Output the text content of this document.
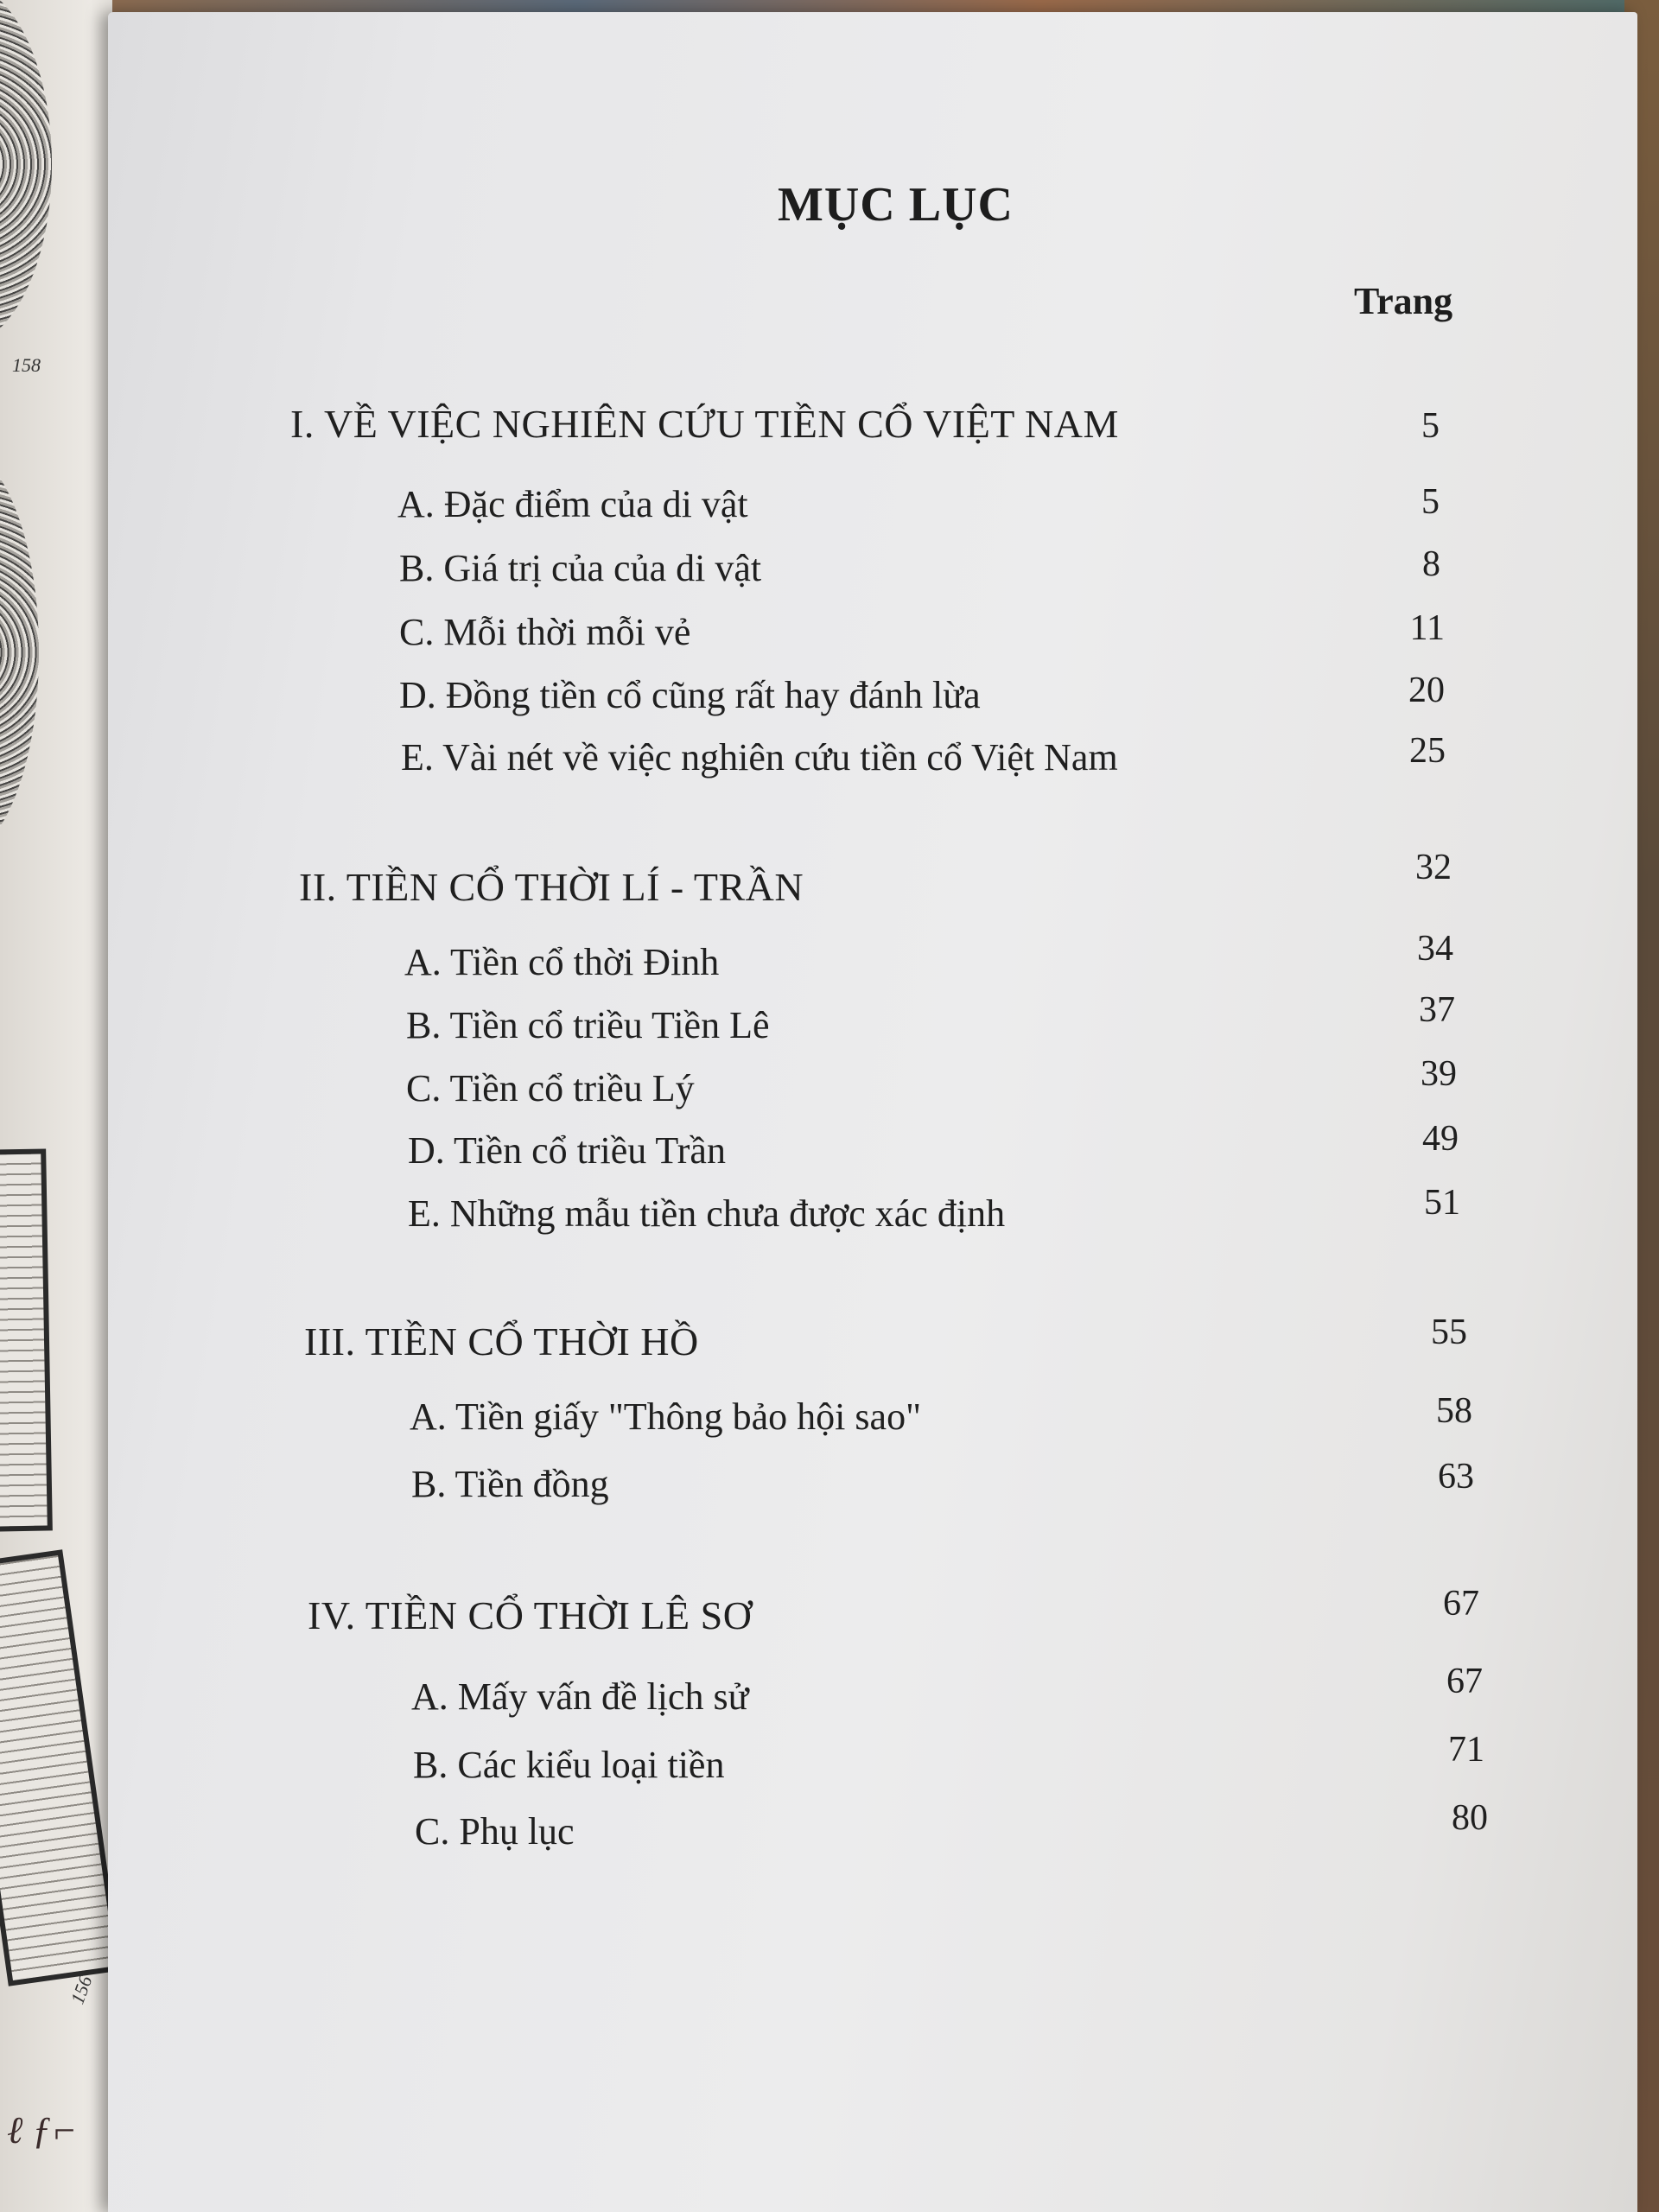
158
156
ℓ ƒ⌐
MỤC LỤC
Trang
I. VỀ VIỆC NGHIÊN CỨU TIỀN CỔ VIỆT NAM	5
A. Đặc điểm của di vật	5
B. Giá trị của của di vật	8
C. Mỗi thời mỗi vẻ	11
D. Đồng tiền cổ cũng rất hay đánh lừa	20
E. Vài nét về việc nghiên cứu tiền cổ Việt Nam	25
II. TIỀN CỔ THỜI LÍ - TRẦN	32
A. Tiền cổ thời Đinh	34
B. Tiền cổ triều Tiền Lê	37
C. Tiền cổ triều Lý	39
D. Tiền cổ triều Trần	49
E. Những mẫu tiền chưa được xác định	51
III. TIỀN CỔ THỜI HỒ	55
A. Tiền giấy "Thông bảo hội sao"	58
B. Tiền đồng	63
IV. TIỀN CỔ THỜI LÊ SƠ	67
A. Mấy vấn đề lịch sử	67
B. Các kiểu loại tiền	71
C. Phụ lục	80
